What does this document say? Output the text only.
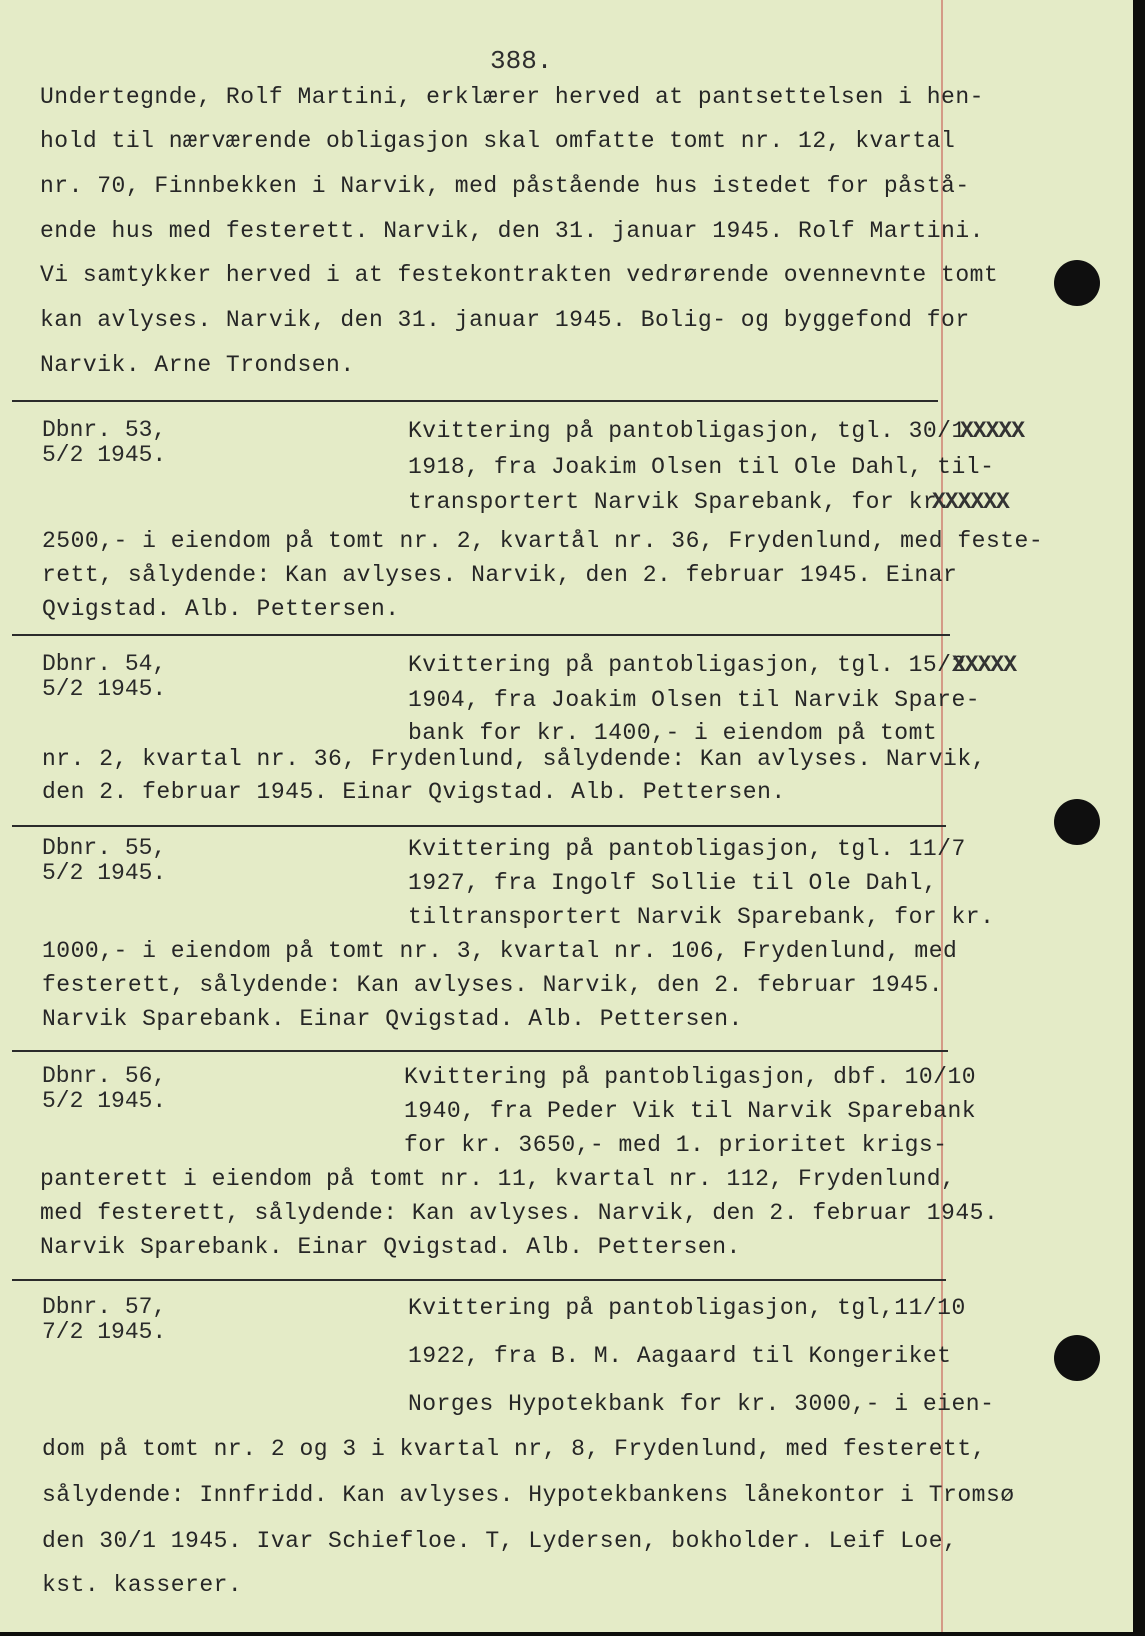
388.
Undertegnde, Rolf Martini, erklærer herved at pantsettelsen i hen-
hold til nærværende obligasjon skal omfatte tomt nr. 12, kvartal
nr. 70, Finnbekken i Narvik, med påstående hus istedet for påstå-
ende hus med festerett. Narvik, den 31. januar 1945. Rolf Martini.
Vi samtykker herved i at festekontrakten vedrørende ovennevnte tomt
kan avlyses. Narvik, den 31. januar 1945. Bolig- og byggefond for
Narvik. Arne Trondsen.
Dbnr. 53,
5/2 1945.
Kvittering på pantobligasjon, tgl. 30/1
XXXXX
1918, fra Joakim Olsen til Ole Dahl, til-
transportert Narvik Sparebank, for kr.
XXXXXX
2500,- i eiendom på tomt nr. 2, kvartål nr. 36, Frydenlund, med feste-
rett, sålydende: Kan avlyses. Narvik, den 2. februar 1945. Einar
Qvigstad. Alb. Pettersen.
Dbnr. 54,
5/2 1945.
Kvittering på pantobligasjon, tgl. 15/2
XXXXX
1904, fra Joakim Olsen til Narvik Spare-
bank for kr. 1400,- i eiendom på tomt
nr. 2, kvartal nr. 36, Frydenlund, sålydende: Kan avlyses. Narvik,
den 2. februar 1945. Einar Qvigstad. Alb. Pettersen.
Dbnr. 55,
5/2 1945.
Kvittering på pantobligasjon, tgl. 11/7
1927, fra Ingolf Sollie til Ole Dahl,
tiltransportert Narvik Sparebank, for kr.
1000,- i eiendom på tomt nr. 3, kvartal nr. 106, Frydenlund, med
festerett, sålydende: Kan avlyses. Narvik, den 2. februar 1945.
Narvik Sparebank. Einar Qvigstad. Alb. Pettersen.
Dbnr. 56,
5/2 1945.
Kvittering på pantobligasjon, dbf. 10/10
1940, fra Peder Vik til Narvik Sparebank
for kr. 3650,- med 1. prioritet krigs-
panterett i eiendom på tomt nr. 11, kvartal nr. 112, Frydenlund,
med festerett, sålydende: Kan avlyses. Narvik, den 2. februar 1945.
Narvik Sparebank. Einar Qvigstad. Alb. Pettersen.
Dbnr. 57,
7/2 1945.
Kvittering på pantobligasjon, tgl,11/10
1922, fra B. M. Aagaard til Kongeriket
Norges Hypotekbank for kr. 3000,- i eien-
dom på tomt nr. 2 og 3 i kvartal nr, 8, Frydenlund, med festerett,
sålydende: Innfridd. Kan avlyses. Hypotekbankens lånekontor i Tromsø
den 30/1 1945. Ivar Schiefloe. T, Lydersen, bokholder. Leif Loe,
kst. kasserer.
